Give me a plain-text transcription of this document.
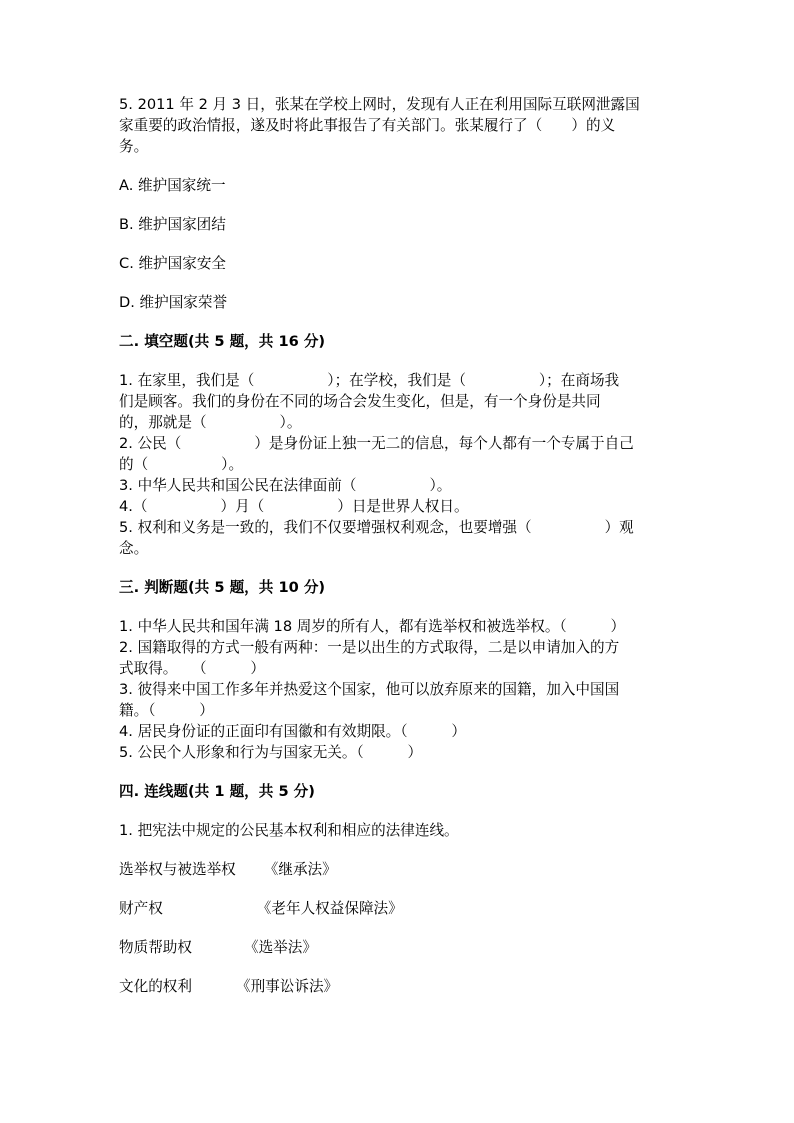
5. 2011 年 2 月 3 日，张某在学校上网时，发现有人正在利用国际互联网泄露国

家重要的政治情报，遂及时将此事报告了有关部门。张某履行了（　　）的义

务。

A. 维护国家统一

B. 维护国家团结

C. 维护国家安全

D. 维护国家荣誉

二. 填空题(共 5 题，共 16 分)

1. 在家里，我们是（　　　　　）；在学校，我们是（　　　　　）；在商场我

们是顾客。我们的身份在不同的场合会发生变化，但是，有一个身份是共同

的，那就是（　　　　　）。

2. 公民（　　　　　）是身份证上独一无二的信息，每个人都有一个专属于自己

的（　　　　　）。

3. 中华人民共和国公民在法律面前（　　　　　）。

4.（　　　　　）月（　　　　　）日是世界人权日。

5. 权利和义务是一致的，我们不仅要增强权利观念，也要增强（　　　　　）观

念。

三. 判断题(共 5 题，共 10 分)

1. 中华人民共和国年满 18 周岁的所有人，都有选举权和被选举权。（　　　）

2. 国籍取得的方式一般有两种：一是以出生的方式取得，二是以申请加入的方

式取得。　　（　　　）

3. 彼得来中国工作多年并热爱这个国家，他可以放弃原来的国籍，加入中国国

籍。（　　　）

4. 居民身份证的正面印有国徽和有效期限。（　　　）

5. 公民个人形象和行为与国家无关。（　　　）

四. 连线题(共 1 题，共 5 分)

1. 把宪法中规定的公民基本权利和相应的法律连线。

选举权与被选举权 《继承法》

财产权	《老年人权益保障法》

物质帮助权	《选举法》

文化的权利	《刑事讼诉法》
